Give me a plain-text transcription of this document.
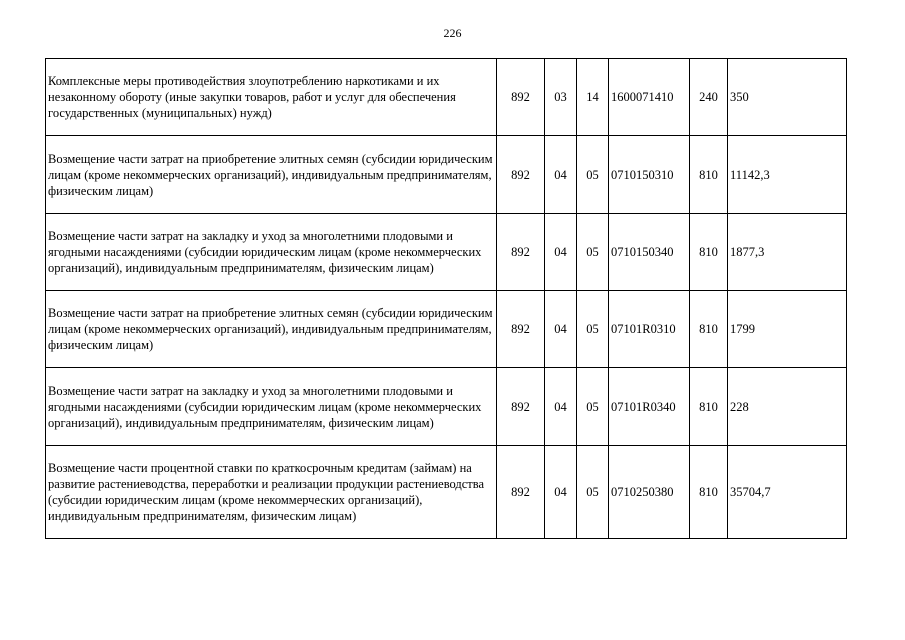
226
Комплексные меры противодействия злоупотреблению наркотиками и их незаконному обороту (иные закупки товаров, работ и услуг для обеспечения государственных (муниципальных) нужд)	892	03	14	1600071410	240	350
Возмещение части затрат на приобретение элитных семян (субсидии юридическим лицам (кроме некоммерческих организаций), индивидуальным предпринимателям, физическим лицам)	892	04	05	0710150310	810	11142,3
Возмещение части затрат на закладку и уход за многолетними плодовыми и ягодными насаждениями (субсидии юридическим лицам (кроме некоммерческих организаций), индивидуальным предпринимателям, физическим лицам)	892	04	05	0710150340	810	1877,3
Возмещение части затрат на приобретение элитных семян (субсидии юридическим лицам (кроме некоммерческих организаций), индивидуальным предпринимателям, физическим лицам)	892	04	05	07101R0310	810	1799
Возмещение части затрат на закладку и уход за многолетними плодовыми и ягодными насаждениями (субсидии юридическим лицам (кроме некоммерческих организаций), индивидуальным предпринимателям, физическим лицам)	892	04	05	07101R0340	810	228
Возмещение части процентной ставки по краткосрочным кредитам (займам) на развитие растениеводства, переработки и реализации продукции растениеводства (субсидии юридическим лицам (кроме некоммерческих организаций), индивидуальным предпринимателям, физическим лицам)	892	04	05	0710250380	810	35704,7
